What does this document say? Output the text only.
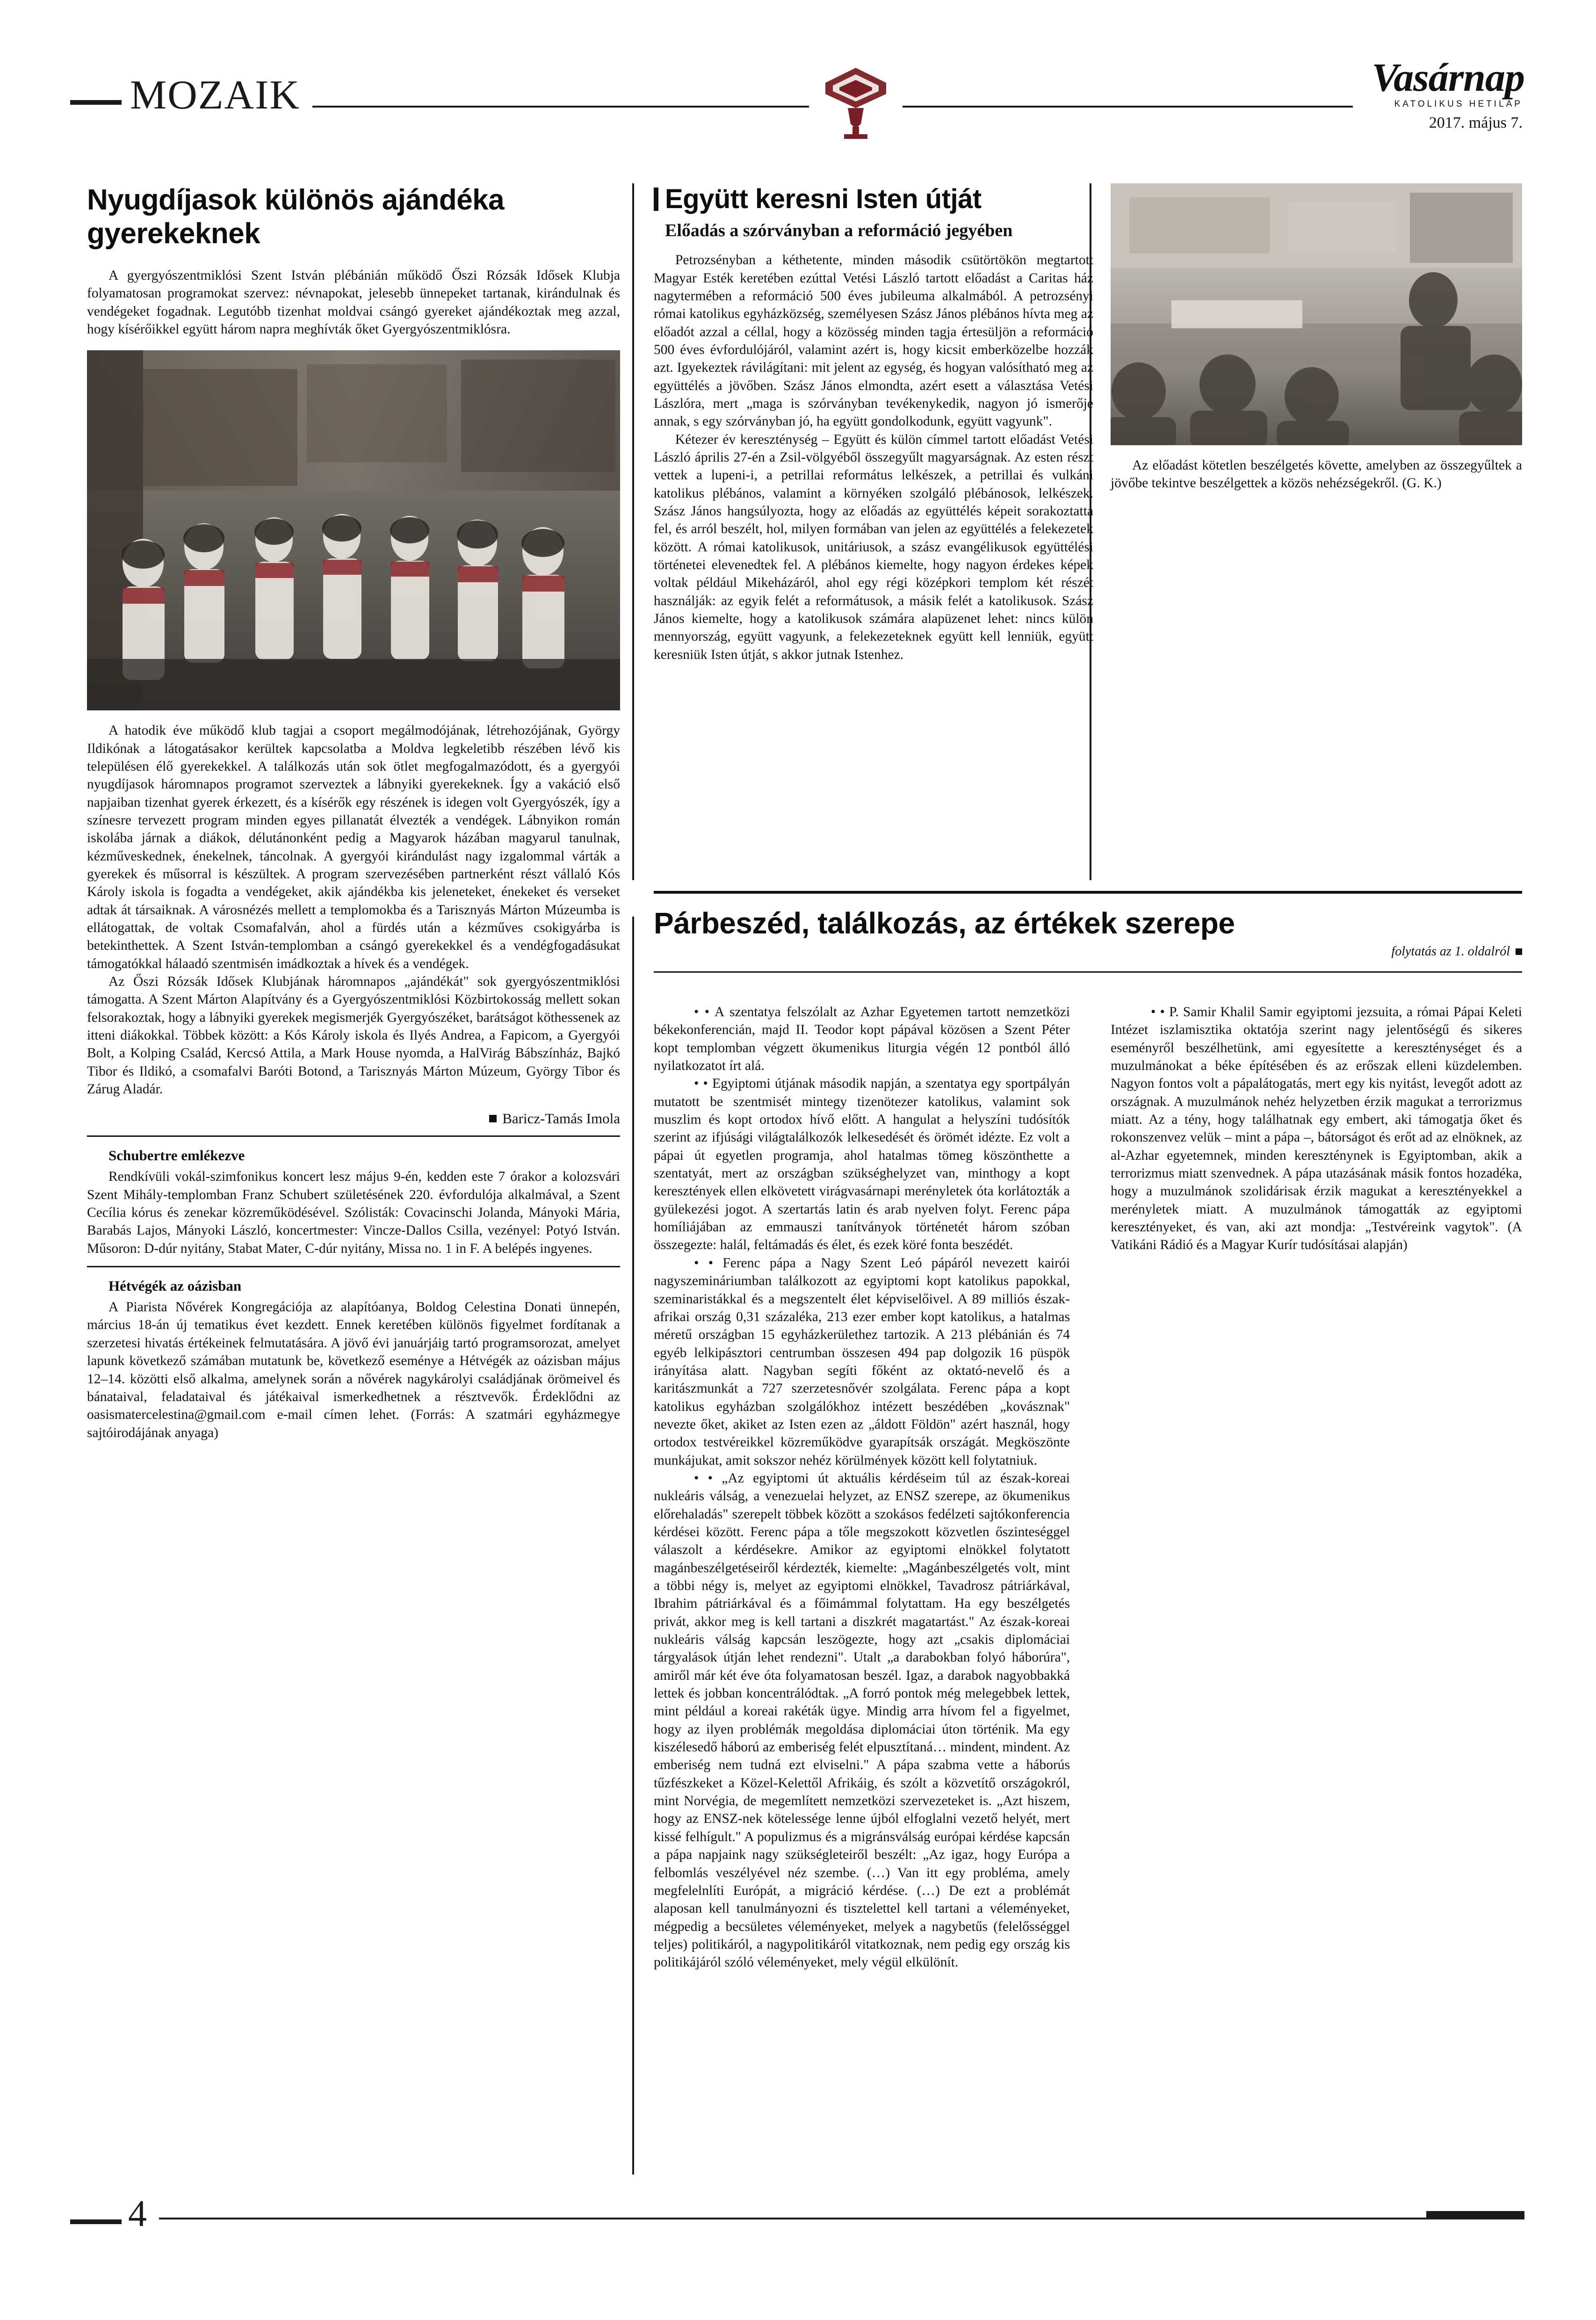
MOZAIK	Vasárnap
KATOLIKUS HETILAP
2017. május 7.
Nyugdíjasok különös ajándéka gyerekeknek

A gyergyószentmiklósi Szent István plébánián működő Őszi Rózsák Idősek Klubja folyamatosan programokat szervez: névnapokat, jelesebb ünnepeket tartanak, kirándulnak és vendégeket fogadnak. Legutóbb tizenhat moldvai csángó gyereket ajándékoztak meg azzal, hogy kísérőikkel együtt három napra meghívták őket Gyergyószentmiklósra.

A hatodik éve működő klub tagjai a csoport megálmodójának, létrehozójának, György Ildikónak a látogatásakor kerültek kapcsolatba a Moldva legkeletibb részében lévő kis településen élő gyerekekkel. A találkozás után sok ötlet megfogalmazódott, és a gyergyói nyugdíjasok háromnapos programot szerveztek a lábnyiki gyerekeknek. Így a vakáció első napjaiban tizenhat gyerek érkezett, és a kísérők egy részének is idegen volt Gyergyószék, így a színesre tervezett program minden egyes pillanatát élvezték a vendégek. Lábnyikon román iskolába járnak a diákok, délutánonként pedig a Magyarok házában magyarul tanulnak, kézműveskednek, énekelnek, táncolnak. A gyergyói kirándulást nagy izgalommal várták a gyerekek és műsorral is készültek. A program szervezésében partnerként részt vállaló Kós Károly iskola is fogadta a vendégeket, akik ajándékba kis jeleneteket, énekeket és verseket adtak át társaiknak. A városnézés mellett a templomokba és a Tarisznyás Márton Múzeumba is ellátogattak, de voltak Csomafalván, ahol a fürdés után a kézműves csokigyárba is betekinthettek. A Szent István-templomban a csángó gyerekekkel és a vendégfogadásukat támogatókkal hálaadó szentmisén imádkoztak a hívek és a vendégek.

Az Őszi Rózsák Idősek Klubjának háromnapos „ajándékát" sok gyergyószentmiklósi támogatta. A Szent Márton Alapítvány és a Gyergyószentmiklósi Közbirtokosság mellett sokan felsorakoztak, hogy a lábnyiki gyerekek megismerjék Gyergyószéket, barátságot köthessenek az itteni diákokkal. Többek között: a Kós Károly iskola és Ilyés Andrea, a Fapicom, a Gyergyói Bolt, a Kolping Család, Kercsó Attila, a Mark House nyomda, a HalVirág Bábszínház, Bajkó Tibor és Ildikó, a csomafalvi Baróti Botond, a Tarisznyás Márton Múzeum, György Tibor és Zárug Aladár.

Baricz-Tamás Imola
Schubertre emlékezve

Rendkívüli vokál-szimfonikus koncert lesz május 9-én, kedden este 7 órakor a kolozsvári Szent Mihály-templomban Franz Schubert születésének 220. évfordulója alkalmával, a Szent Cecília kórus és zenekar közreműködésével. Szólisták: Covacinschi Jolanda, Mányoki Mária, Barabás Lajos, Mányoki László, koncertmester: Vincze-Dallos Csilla, vezényel: Potyó István. Műsoron: D-dúr nyitány, Stabat Mater, C-dúr nyitány, Missa no. 1 in F. A belépés ingyenes.

Hétvégék az oázisban

A Piarista Nővérek Kongregációja az alapítóanya, Boldog Celestina Donati ünnepén, március 18-án új tematikus évet kezdett. Ennek keretében különös figyelmet fordítanak a szerzetesi hivatás értékeinek felmutatására. A jövő évi januárjáig tartó programsorozat, amelyet lapunk következő számában mutatunk be, következő eseménye a Hétvégék az oázisban május 12–14. közötti első alkalma, amelynek során a nővérek nagykárolyi családjának örömeivel és bánataival, feladataival és játékaival ismerkedhetnek a résztvevők. Érdeklődni az oasismatercelestina@gmail.com e-mail címen lehet. (Forrás: A szatmári egyházmegye sajtóirodájának anyaga)

Együtt keresni Isten útját
Előadás a szórványban a reformáció jegyében

Petrozsényban a kéthetente, minden második csütörtökön megtartott Magyar Esték keretében ezúttal Vetési László tartott előadást a Caritas ház nagytermében a reformáció 500 éves jubileuma alkalmából. A petrozsényi római katolikus egyházközség, személyesen Szász János plébános hívta meg az előadót azzal a céllal, hogy a közösség minden tagja értesüljön a reformáció 500 éves évfordulójáról, valamint azért is, hogy kicsit emberközelbe hozzák azt. Igyekeztek rávilágítani: mit jelent az egység, és hogyan valósítható meg az együttélés a jövőben. Szász János elmondta, azért esett a választása Vetési Lászlóra, mert „maga is szórványban tevékenykedik, nagyon jó ismerője annak, s egy szórványban jó, ha együtt gondolkodunk, együtt vagyunk".

Kétezer év kereszténység – Együtt és külön címmel tartott előadást Vetési László április 27-én a Zsil-völgyéből összegyűlt magyarságnak. Az esten részt vettek a lupeni-i, a petrillai református lelkészek, a petrillai és vulkáni katolikus plébános, valamint a környéken szolgáló plébánosok, lelkészek. Szász János hangsúlyozta, hogy az előadás az együttélés képeit sorakoztatta fel, és arról beszélt, hol, milyen formában van jelen az együttélés a felekezetek között. A római katolikusok, unitáriusok, a szász evangélikusok együttélési történetei elevenedtek fel. A plébános kiemelte, hogy nagyon érdekes képek voltak például Mikeházáról, ahol egy régi középkori templom két részét használják: az egyik felét a reformátusok, a másik felét a katolikusok. Szász János kiemelte, hogy a katolikusok számára alapüzenet lehet: nincs külön mennyország, együtt vagyunk, a felekezeteknek együtt kell lenniük, együtt keresniük Isten útját, s akkor jutnak Istenhez.

Az előadást kötetlen beszélgetés követte, amelyben az összegyűltek a jövőbe tekintve beszélgettek a közös nehézségekről. (G. K.)

Párbeszéd, találkozás, az értékek szerepe
folytatás az 1. oldalról

• • A szentatya felszólalt az Azhar Egyetemen tartott nemzetközi békekonferencián, majd II. Teodor kopt pápával közösen a Szent Péter kopt templomban végzett ökumenikus liturgia végén 12 pontból álló nyilatkozatot írt alá.

• • Egyiptomi útjának második napján, a szentatya egy sportpályán mutatott be szentmisét mintegy tizenötezer katolikus, valamint sok muszlim és kopt ortodox hívő előtt. A hangulat a helyszíni tudósítók szerint az ifjúsági világtalálkozók lelkesedését és örömét idézte. Ez volt a pápai út egyetlen programja, ahol hatalmas tömeg köszönthette a szentatyát, mert az országban szükséghelyzet van, minthogy a kopt keresztények ellen elkövetett virágvasárnapi merényletek óta korlátozták a gyülekezési jogot. A szertartás latin és arab nyelven folyt. Ferenc pápa homíliájában az emmauszi tanítványok történetét három szóban összegezte: halál, feltámadás és élet, és ezek köré fonta beszédét.

• • Ferenc pápa a Nagy Szent Leó pápáról nevezett kairói nagyszemináriumban találkozott az egyiptomi kopt katolikus papokkal, szeminaristákkal és a megszentelt élet képviselőivel. A 89 milliós észak-afrikai ország 0,31 százaléka, 213 ezer ember kopt katolikus, a hatalmas méretű országban 15 egyházkerülethez tartozik. A 213 plébánián és 74 egyéb lelkipásztori centrumban összesen 494 pap dolgozik 16 püspök irányítása alatt. Nagyban segíti főként az oktató-nevelő és a karitászmunkát a 727 szerzetesnővér szolgálata. Ferenc pápa a kopt katolikus egyházban szolgálókhoz intézett beszédében „kovásznak" nevezte őket, akiket az Isten ezen az „áldott Földön" azért használ, hogy ortodox testvéreikkel közreműködve gyarapítsák országát. Megköszönte munkájukat, amit sokszor nehéz körülmények között kell folytatniuk.

• • „Az egyiptomi út aktuális kérdéseim túl az észak-koreai nukleáris válság, a venezuelai helyzet, az ENSZ szerepe, az ökumenikus előrehaladás" szerepelt többek között a szokásos fedélzeti sajtókonferencia kérdései között. Ferenc pápa a tőle megszokott közvetlen őszinteséggel válaszolt a kérdésekre. Amikor az egyiptomi elnökkel folytatott magánbeszélgetéseiről kérdezték, kiemelte: „Magánbeszélgetés volt, mint a többi négy is, melyet az egyiptomi elnökkel, Tavadrosz pátriárkával, Ibrahim pátriárkával és a főimámmal folytattam. Ha egy beszélgetés privát, akkor meg is kell tartani a diszkrét magatartást." Az észak-koreai nukleáris válság kapcsán leszögezte, hogy azt „csakis diplomáciai tárgyalások útján lehet rendezni". Utalt „a darabokban folyó háborúra", amiről már két éve óta folyamatosan beszél. Igaz, a darabok nagyobbakká lettek és jobban koncentrálódtak. „A forró pontok még melegebbek lettek, mint például a koreai rakéták ügye. Mindig arra hívom fel a figyelmet, hogy az ilyen problémák megoldása diplomáciai úton történik. Ma egy kiszélesedő háború az emberiség felét elpusztítaná… mindent, mindent. Az emberiség nem tudná ezt elviselni." A pápa szabma vette a háborús tűzfészkeket a Közel-Kelettől Afrikáig, és szólt a közvetítő országokról, mint Norvégia, de megemlített nemzetközi szervezeteket is. „Azt hiszem, hogy az ENSZ-nek kötelessége lenne újból elfoglalni vezető helyét, mert kissé felhígult." A populizmus és a migránsválság európai kérdése kapcsán a pápa napjaink nagy szükségleteiről beszélt: „Az igaz, hogy Európa a felbomlás veszélyével néz szembe. (…) Van itt egy probléma, amely megfelelnlíti Európát, a migráció kérdése. (…) De ezt a problémát alaposan kell tanulmányozni és tisztelettel kell tartani a véleményeket, mégpedig a becsületes véleményeket, melyek a nagybetűs (felelősséggel teljes) politikáról, a nagypolitikáról vitatkoznak, nem pedig egy ország kis politikájáról szóló véleményeket, mely végül elkülönít.

• • P. Samir Khalil Samir egyiptomi jezsuita, a római Pápai Keleti Intézet iszlamisztika oktatója szerint nagy jelentőségű és sikeres eseményről beszélhetünk, ami egyesítette a kereszténységet és a muzulmánokat a béke építésében és az erőszak elleni küzdelemben. Nagyon fontos volt a pápalátogatás, mert egy kis nyitást, levegőt adott az országnak. A muzulmánok nehéz helyzetben érzik magukat a terrorizmus miatt. Az a tény, hogy találhatnak egy embert, aki támogatja őket és rokonszenvez velük – mint a pápa –, bátorságot és erőt ad az elnöknek, az al-Azhar egyetemnek, minden kereszténynek is Egyiptomban, akik a terrorizmus miatt szenvednek. A pápa utazásának másik fontos hozadéka, hogy a muzulmánok szolidárisak érzik magukat a keresztényekkel a merényletek miatt. A muzulmánok támogatták az egyiptomi keresztényeket, és van, aki azt mondja: „Testvéreink vagytok". (A Vatikáni Rádió és a Magyar Kurír tudósításai alapján)

4
